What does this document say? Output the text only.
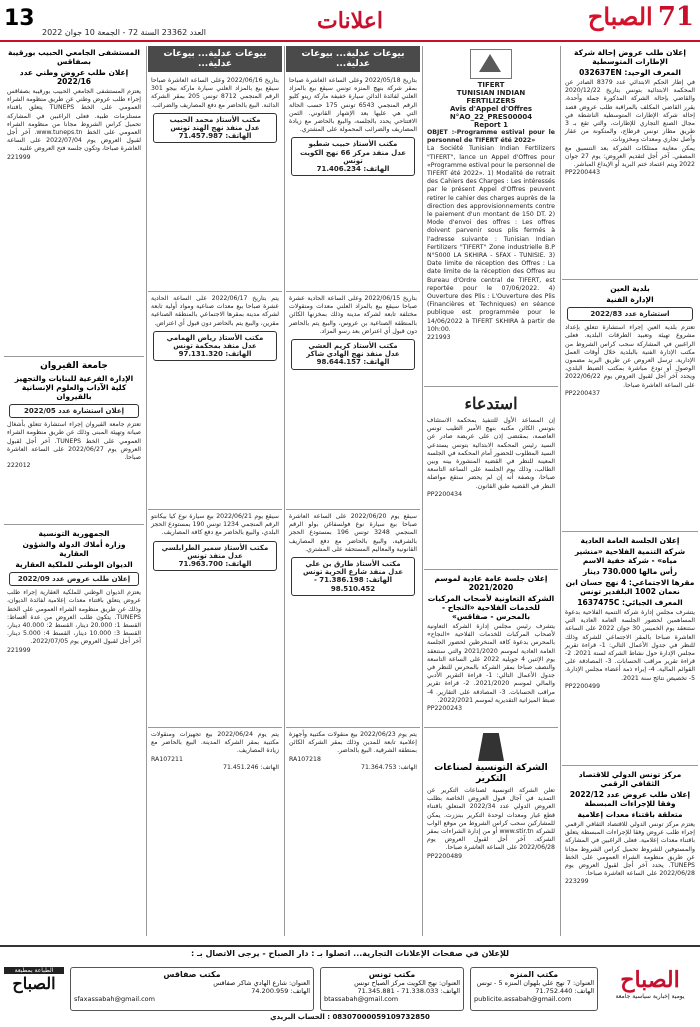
13
العدد 23362 السنة 72 - الجمعة 10 جوان 2022	اعلانات	71 الصباح
إعلان طلب عروض إحالة شركة الإطارات المتوسطية
المعرف الوحيد: 032637EN

في إطار الحكم الابتدائي عدد 8379 الصادر عن المحكمة الابتدائية بتونس بتاريخ 2020/12/22 والقاضي بإحالة الشركة المذكورة جملة وأحدة، يقرر القاضي المكلف بالمراقبة طلب عروض قصد إحالة شركة الإطارات المتوسطية الناشطة في مجال الصنع التجاري للإطارات، والتي تقع بـ 3 طريق مطار تونس قرطاج، والمتكونة من عقار وأصل تجاري ومعدات ومخزونات.

يمكن معاينة ممتلكات الشركة بعد التنسيق مع المصفي. آخر أجل لتقديم العروض: يوم 27 جوان 2022 ويتم اعتماد ختم البريد أو الإيداع المباشر.

PP2200443

بلدية العين
الإدارة الفنية
استشارة عدد 2022/83

تعتزم بلدية العين إجراء استشارة تتعلق بإعداد مشروع تهيئة وتعبيد الطرقات البلدية. فعلى الراغبين في المشاركة سحب كراس الشروط من مكتب الإدارة الفنية بالبلدية خلال أوقات العمل الإدارية. ترسل العروض عن طريق البريد مضمون الوصول أو تودع مباشرة بمكتب الضبط البلدي، ويحدد آخر أجل لقبول العروض يوم 2022/06/22 على الساعة العاشرة صباحا.

PP2200437

إعلان الجلسة العامة العادية
شركة التنمية الفلاحية «منشير مياه» - شركة خفية الاسم
رأس مالها 730.000 دينار
مقرها الاجتماعي: 4 نهج حسان ابن نعمان 1002 البلفدير تونس
المعرف الجبائي: 1637475C

يتشرف مجلس إدارة شركة التنمية الفلاحية بدعوة المساهمين لحضور الجلسة العامة العادية التي ستنعقد يوم الخميس 30 جوان 2022 على الساعة العاشرة صباحا بالمقر الاجتماعي للشركة وذلك للنظر في جدول الأعمال التالي: 1- قراءة تقرير مجلس الإدارة حول نشاط الشركة لسنة 2021. 2- قراءة تقرير مراقب الحسابات. 3- المصادقة على القوائم المالية. 4- إبراء ذمة أعضاء مجلس الإدارة. 5- تخصيص نتائج سنة 2021.

PP2200499

مركز تونس الدولي للاقتصاد الثقافي الرقمي
إعلان طلب عروض عدد 2022/12 وفقا للإجراءات المبسطة
متعلقة باقتناء معدات إعلامية

يعتزم مركز تونس الدولي للاقتصاد الثقافي الرقمي إجراء طلب عروض وفقا للإجراءات المبسطة يتعلق باقتناء معدات إعلامية. فعلى الراغبين في المشاركة والمستوفين للشروط تحميل كراس الشروط مجانا عن طريق منظومة الشراء العمومي على الخط TUNEPS. يحدد آخر أجل لقبول العروض يوم 2022/06/28 على الساعة العاشرة صباحا.

223299

TIFERT
TUNISIAN INDIAN
FERTILIZERS
Avis d'Appel d'Offres
N°AO_22_PRES00004
Report 1

OBJET :-Programme estival pour le personnel de TIFERT été 2022»

La Société Tunisian Indian Fertilizers "TIFERT", lance un Appel d'Offres pour «Programme estival pour le personnel de TIFERT été 2022». 1) Modalité de retrait des Cahiers des Charges : Les intéressés par le présent Appel d'Offres peuvent retirer le cahier des charges auprès de la direction des approvisionnements contre le paiement d'un montant de 150 DT. 2) Mode d'envoi des offres : Les offres doivent parvenir sous plis fermés à l'adresse suivante : Tunisian Indian Fertilizers "TIFERT" Zone industrielle B.P N°5000 LA SKHIRA - SFAX - TUNISIE. 3) Date limite de réception des Offres : La date limite de la réception des Offres au Bureau d'Ordre central de TIFERT, est reportée pour le 07/06/2022. 4) Ouverture des Plis : L'Ouverture des Plis (Financières et Techniques) en séance publique est programmée pour le 14/06/2022 à TIFERT SKHIRA à partir de 10h:00.

221993

استدعاء

إن المساعد الأول للتنفيذ بمحكمة الاستئناف بتونس الكائن مكتبه بنهج الأمير الطيب تونس العاصمة، بمقتضى إذن على عريضة صادر عن السيد رئيس المحكمة الابتدائية بتونس يستدعي السيد المطلوب للحضور أمام المحكمة في الجلسة المعينة للنظر في القضية المنشورة بينه وبين الطالب، وذلك يوم الجلسة على الساعة التاسعة صباحا، وبصفة أنه إن لم يحضر ستقع مواصلة النظر في القضية طبق القانون.

PP2200434

إعلان جلسة عامة عادية لموسم 2021/2020
الشركة التعاونية لأصحاب المركبات للخدمات الفلاحية «النجاح - بالمحرس - صفاقس»

يتشرف رئيس مجلس إدارة الشركة التعاونية لأصحاب المركبات للخدمات الفلاحية «النجاح» بالمحرس بدعوة كافة المنخرطين لحضور الجلسة العامة العادية لموسم 2021/2020 والتي ستنعقد يوم الإثنين 4 جويلية 2022 على الساعة التاسعة والنصف صباحا بمقر الشركة بالمحرس للنظر في جدول الأعمال التالي: 1- قراءة التقرير الأدبي والمالي لموسم 2021/2020. 2- قراءة تقرير مراقب الحسابات. 3- المصادقة على التقارير. 4- ضبط الميزانية التقديرية لموسم 2022/2021.

PP2200243

الشركة التونسية لصناعات التكرير

تعلن الشركة التونسية لصناعات التكرير عن التمديد في آجال قبول العروض الخاصة بطلب العروض الدولي عدد 2022/34 المتعلق باقتناء قطع غيار ومعدات لوحدة التكرير ببنزرت. يمكن للمشاركين سحب كراس الشروط من موقع الواب للشركة www.stir.tn أو من إدارة الشراءات بمقر الشركة. آخر أجل لقبول العروض يوم 2022/06/28 على الساعة العاشرة صباحا.

PP2200489

بيوعات عدلية... بيوعات عدلية...

بتاريخ 2022/05/18 وعلى الساعة العاشرة صباحا بمقر شركة بنهج المنزه تونس سيقع بيع بالمزاد العلني لفائدة الدائن سيارة خفيفة ماركة رينو كليو الرقم المنجمي 6543 تونس 175 حسب الحالة التي هي عليها بعد الإشهار القانوني. الثمن الافتتاحي يحدد بالجلسة، والبيع بالحاضر مع زيادة المصاريف والضرائب المحمولة على المشتري.

مكتب الأستاذ حبيب شطبو
عدل منفذ مركز 66 نهج الكويت تونس
الهاتف: 71.406.234

بتاريخ 2022/06/15 وعلى الساعة الحادية عشرة صباحا سيقع بيع بالمزاد العلني معدات ومنقولات مختلفة تابعة لشركة مدينة وذلك بمخزنها الكائن بالمنطقة الصناعية بن عروس، والبيع يتم بالحاضر دون قبول أي اعتراض بعد رسو المزاد.

مكتب الأستاذ كريم العشي
عدل منفذ نهج الهادي شاكر
الهاتف: 98.644.157

سيقع يوم 2022/06/20 على الساعة العاشرة صباحا بيع سيارة نوع فولسفاغن بولو الرقم المنجمي 3248 تونس 196 بمستودع الحجز بالشرقية، والبيع بالحاضر مع دفع المصاريف القانونية والمعاليم المستحقة على المشتري.

مكتب الأستاذ طارق بن علي
عدل منفذ شارع الحرية تونس
الهاتف: 71.386.198 - 98.510.452

يتم يوم 2022/06/23 بيع منقولات مكتبية وأجهزة إعلامية تابعة للمدين وذلك بمقر الشركة الكائن بمنطقة الشرقية. البيع بالحاضر.

RA107218

الهاتف: 71.364.753

بيوعات عدلية... بيوعات عدلية...

بتاريخ 2022/06/16 وعلى الساعة العاشرة صباحا سيقع بيع بالمزاد العلني سيارة ماركة بيجو 301 الرقم المنجمي 8712 تونس 205 بمقر الشركة الدائنة. البيع بالحاضر مع دفع المصاريف والضرائب.

مكتب الأستاذ محمد الحبيب
عدل منفذ نهج الهند تونس
الهاتف: 71.457.987

يتم بتاريخ 2022/06/17 على الساعة الحادية عشرة صباحا بيع معدات صناعية ومواد أولية تابعة لشركة مدينة بمقرها الاجتماعي بالمنطقة الصناعية مقرين، والبيع يتم بالحاضر دون قبول أي اعتراض.

مكتب الأستاذ رياض الهمامي
عدل منفذ بمحكمة تونس
الهاتف: 97.131.320

سيقع يوم 2022/06/21 بيع سيارة نوع كيا بيكانتو الرقم المنجمي 1234 تونس 190 بمستودع الحجز البلدي، والبيع بالحاضر مع دفع كافة المصاريف.

مكتب الأستاذ سمير الطرابلسي
عدل منفذ تونس
الهاتف: 71.963.700

يتم يوم 2022/06/24 بيع تجهيزات ومنقولات مكتبية بمقر الشركة المدينة. البيع بالحاضر مع زيادة المصاريف.

RA107211

الهاتف: 71.451.246

المستشفى الجامعي الحبيب بورقيبة بصفاقس
إعلان طلب عروض وطني عدد 2022/16

يعتزم المستشفى الجامعي الحبيب بورقيبة بصفاقس إجراء طلب عروض وطني عن طريق منظومة الشراء العمومي على الخط TUNEPS يتعلق باقتناء مستلزمات طبية. فعلى الراغبين في المشاركة تحميل كراس الشروط مجانا من منظومة الشراء العمومي على الخط www.tuneps.tn. آخر أجل لقبول العروض يوم 2022/07/04 على الساعة العاشرة صباحا، وتكون جلسة فتح العروض علنية.

221999

جامعة القيروان
الإدارة الفرعية للبنايات والتجهيز كلية الآداب والعلوم الإنسانية بالقيروان
إعلان استشارة عدد 2022/05

تعتزم جامعة القيروان إجراء استشارة تتعلق بأشغال صيانة وتهيئة المبنى وذلك عن طريق منظومة الشراء العمومي على الخط TUNEPS. آخر أجل لقبول العروض يوم 2022/06/27 على الساعة العاشرة صباحا.

222012

الجمهورية التونسية
وزارة أملاك الدولة والشؤون العقارية
الديوان الوطني للملكية العقارية
إعلان طلب عروض عدد 2022/09

يعتزم الديوان الوطني للملكية العقارية إجراء طلب عروض يتعلق باقتناء معدات إعلامية لفائدة الديوان، وذلك عن طريق منظومة الشراء العمومي على الخط TUNEPS. يتكون طلب العروض من عدة أقساط: القسط 1: 20.000 دينار، القسط 2: 40.000 دينار، القسط 3: 10.000 دينار، القسط 4: 5.000 دينار. آخر أجل لقبول العروض يوم 2022/07/05.

221999

للإعلان في صفحات الإعلانات التجارية... اتصلوا بـ : دار الصباح - يرجى الاتصال بـ :
الصباح
يومية إخبارية سياسية جامعة
مكتب المنزه
العنوان: 7 نهج علي بلهوان المنزه 5 - تونس
الهاتف: 71.752.440
publicite.assabah@gmail.com
مكتب تونس
العنوان: نهج الكويت مركز الصباح تونس
الهاتف: 71.338.033 - 71.345.881
btassabah@gmail.com
مكتب صفاقس
العنوان: شارع الهادي شاكر صفاقس
الهاتف: 74.200.959
sfaxassabah@gmail.com
الطباعة بمطبعة
الصباح
08307000059109732850 : الحساب البريدي
